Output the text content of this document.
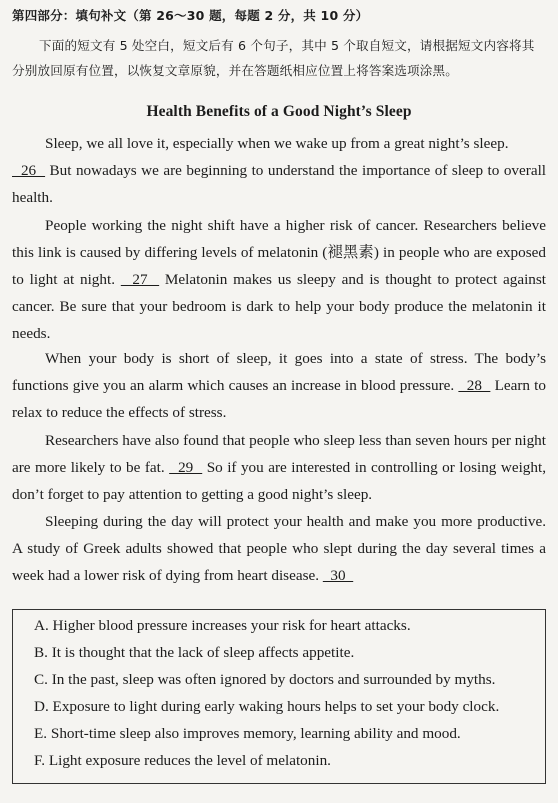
第四部分：填句补文（第 26～30 题，每题 2 分，共 10 分）
下面的短文有 5 处空白，短文后有 6 个句子，其中 5 个取自短文，请根据短文内容将其分别放回原有位置，以恢复文章原貌，并在答题纸相应位置上将答案选项涂黑。
Health Benefits of a Good Night’s Sleep
Sleep, we all love it, especially when we wake up from a great night’s sleep.
26   But nowadays we are beginning to understand the importance of sleep to overall health.
People working the night shift have a higher risk of cancer. Researchers believe this link is caused by differing levels of melatonin (褪黑素) in people who are exposed to light at night.   27   Melatonin makes us sleepy and is thought to protect against cancer. Be sure that your bedroom is dark to help your body produce the melatonin it needs.
When your body is short of sleep, it goes into a state of stress. The body’s functions give you an alarm which causes an increase in blood pressure.   28   Learn to relax to reduce the effects of stress.
Researchers have also found that people who sleep less than seven hours per night are more likely to be fat.   29   So if you are interested in controlling or losing weight, don’t forget to pay attention to getting a good night’s sleep.
Sleeping during the day will protect your health and make you more productive. A study of Greek adults showed that people who slept during the day several times a week had a lower risk of dying from heart disease.   30
A. Higher blood pressure increases your risk for heart attacks.
B. It is thought that the lack of sleep affects appetite.
C. In the past, sleep was often ignored by doctors and surrounded by myths.
D. Exposure to light during early waking hours helps to set your body clock.
E. Short-time sleep also improves memory, learning ability and mood.
F. Light exposure reduces the level of melatonin.
